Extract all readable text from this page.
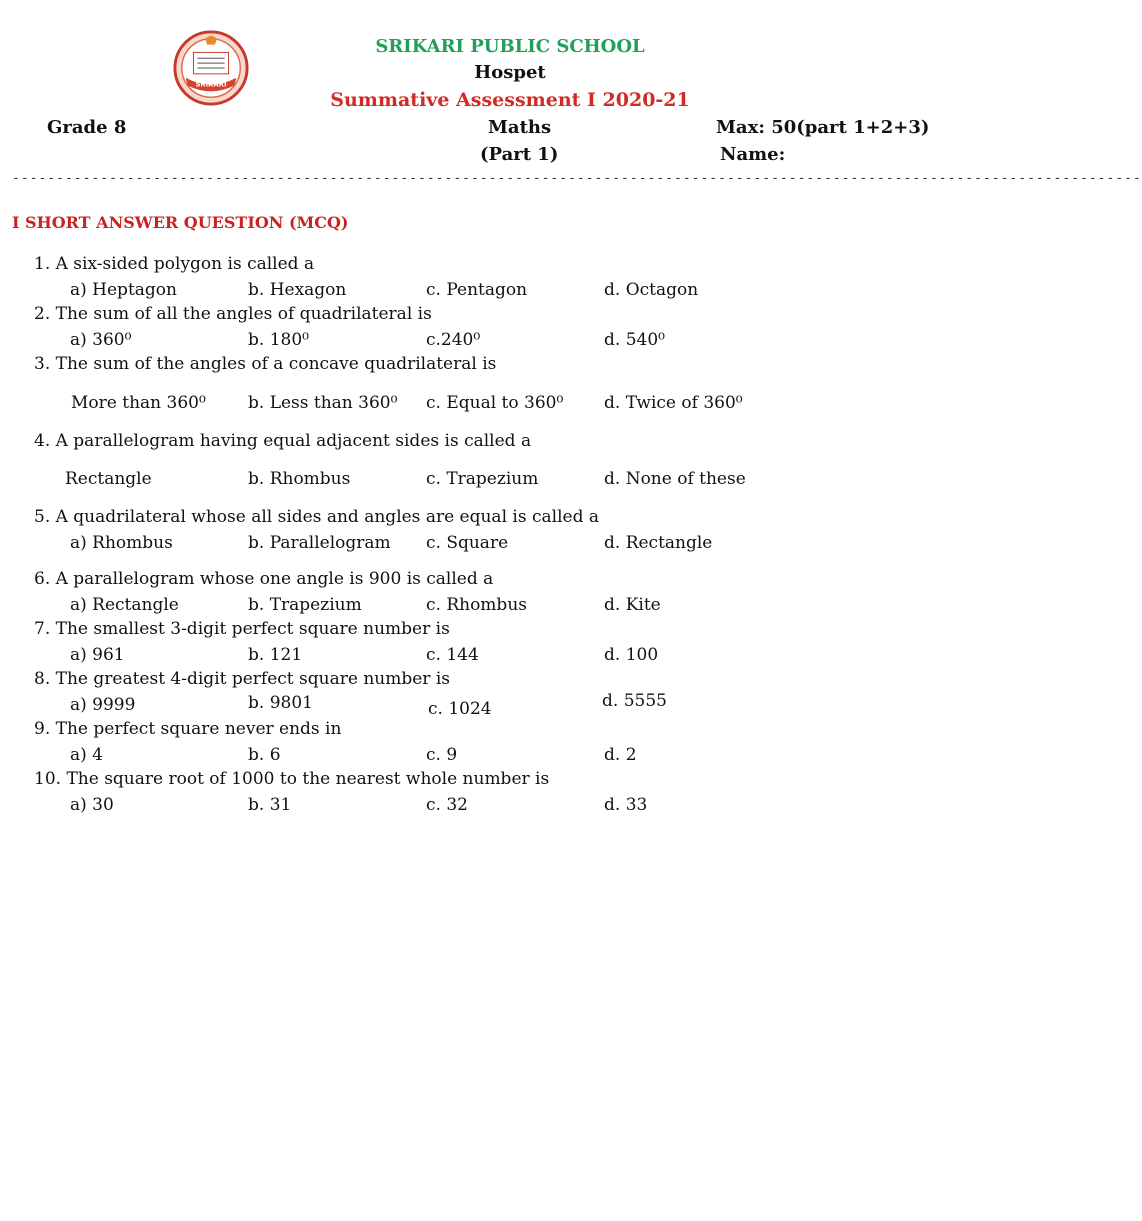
SRIKARI
SRIKARI PUBLIC SCHOOL
Hospet
Summative Assessment I 2020-21
Grade 8	Maths	Max: 50(part 1+2+3)
(Part 1)	Name:
--------------------------------------------------------------------------------------------------------------------------------
I SHORT ANSWER QUESTION (MCQ)
1. A six-sided polygon is called a
a) Heptagon	b. Hexagon	c. Pentagon	d. Octagon
2. The sum of all the angles of quadrilateral is
a) 360⁰	b. 180⁰	c.240⁰	d. 540⁰
3. The sum of the angles of a concave quadrilateral is
More than 360⁰ b. Less than 360⁰ c. Equal to 360⁰ d. Twice of 360⁰
4. A parallelogram having equal adjacent sides is called a
Rectangle	b. Rhombus	c. Trapezium	d. None of these
5. A quadrilateral whose all sides and angles are equal is called a
a) Rhombus	b. Parallelogram c. Square	d. Rectangle
6. A parallelogram whose one angle is 900 is called a
a) Rectangle	b. Trapezium	c. Rhombus	d. Kite
7. The smallest 3-digit perfect square number is
a) 961	b. 121	c. 144	d. 100
8. The greatest 4-digit perfect square number is
a) 9999	b. 9801	c. 1024	d. 5555
9. The perfect square never ends in
a) 4	b. 6	c. 9	d. 2
10. The square root of 1000 to the nearest whole number is
a) 30	b. 31	c. 32	d. 33
